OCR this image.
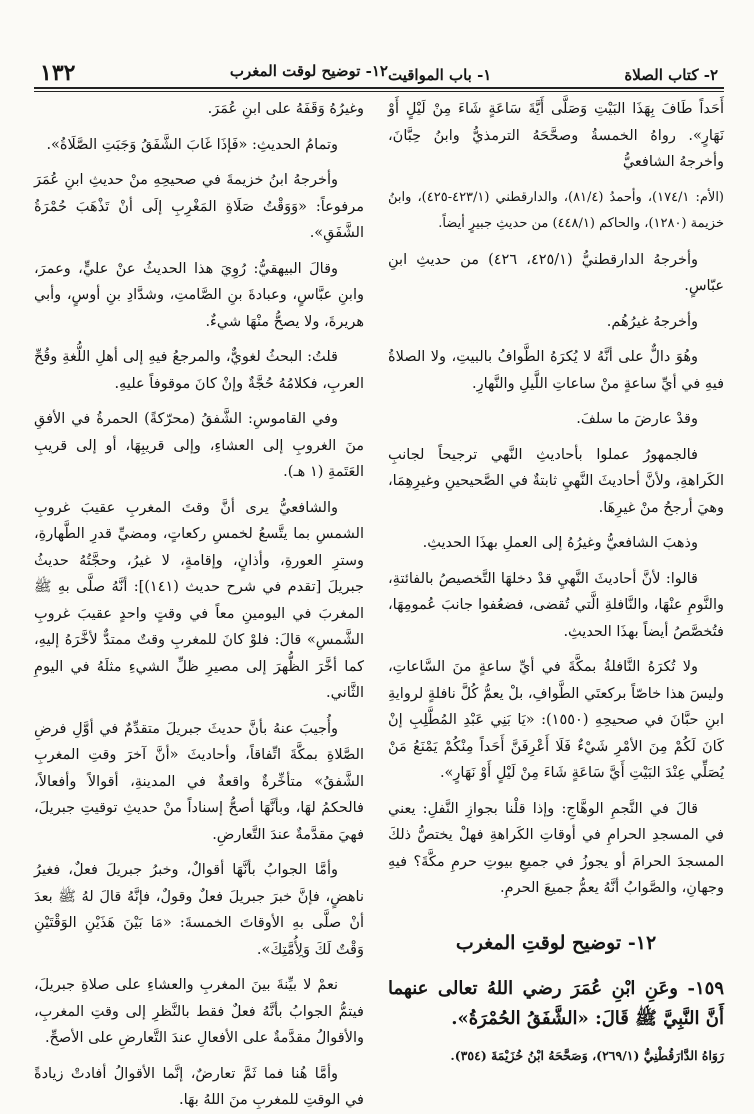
٢- كتاب الصلاة
١- باب المواقيت
١٢- توضيح لوقت المغرب
١٣٢

أَحَداً طَافَ بِهَذَا البَيْتِ وَصَلَّى أَيَّةَ سَاعَةٍ شَاءَ مِنْ لَيْلٍ أَوْ نَهَارٍ». رواهُ الخمسةُ وصحَّحَهُ الترمذيُّ وابنُ حِبَّانَ، وأخرجهُ الشافعيُّ

(الأم: ١٧٤/١)، وأحمدُ (٨١/٤)، والدارقطني (٤٢٣/١-٤٢٥)، وابنُ خزيمة (١٢٨٠)، والحاكم (٤٤٨/١) من حديثِ جبيرٍ أيضاً.

وأخرجهُ الدارقطنيُّ (٤٢٥/١، ٤٢٦) من حديثِ ابنِ عبّاسٍ.

وأخرجهُ غيرُهُم.

وهُوَ دالٌّ على أنَّهُ لا يُكرَهُ الطَّوافُ بالبيتِ، ولا الصلاةُ فيهِ في أيِّ ساعةٍ منْ ساعاتِ اللَّيلِ والنَّهارِ.

وقدْ عارضَ ما سلفَ.

فالجمهورُ عملوا بأحاديثِ النَّهي ترجيحاً لجانبِ الكَراهةِ، ولأنَّ أحاديثَ النَّهيِ ثابتةٌ في الصَّحيحينِ وغيرِهِمَا، وهيَ أرجحُ منْ غيرِهَا.

وذهبَ الشافعيُّ وغيرُهُ إلى العملِ بهذَا الحديثِ.

قالوا: لأنَّ أحاديثَ النَّهيِ قدْ دخلهَا التَّخصيصُ بالفائتةِ، والنَّومِ عنْهَا، والنَّافلةِ الَّتي تُقضى، فضعُفوا جانبَ عُمومِهَا، فتُخصَّصُ أيضاً بهذَا الحديثِ.

ولا تُكرَهُ النَّافلةُ بمكَّةَ في أيِّ ساعةٍ منَ السَّاعاتِ، وليسَ هذا خاصّاً بركعتَي الطَّوافِ، بلْ يعمُّ كُلَّ نافلةٍ لروايةِ ابنِ حبَّانَ في صحيحِهِ (١٥٥٠): «يَا بَنِي عَبْدِ المُطَّلِبِ إنْ كَانَ لَكُمْ مِنَ الأمْرِ شَيْءٌ فَلَا أَعْرِفَنَّ أَحَداً مِنْكُمْ يَمْنَعُ مَنْ يُصَلِّي عِنْدَ البَيْتِ أَيَّ سَاعَةٍ شَاءَ مِنْ لَيْلٍ أَوْ نَهَارٍ».

قالَ في النَّجمِ الوهَّاجِ: وإذا قلْنا بجوازِ النَّفلِ: يعني في المسجدِ الحرامِ في أوقاتِ الكَراهةِ فهلْ يختصُّ ذلكَ المسجدَ الحرامَ أو يجوزُ في جميعِ بيوتِ حرمِ مكَّةَ؟ فيهِ وجهانِ، والصَّوابُ أنَّهُ يعمُّ جميعَ الحرمِ.

١٢- توضيح لوقتِ المغرب

١٥٩- وعَنِ ابْنِ عُمَرَ رضي اللهُ تعالى عنهما أَنَّ النَّبِيَّ ﷺ قَالَ: «الشَّفَقُ الحُمْرَةُ».

رَوَاهُ الدَّارَقُطْنِيُّ (٢٦٩/١)، وَصَحَّحَهُ ابْنُ خُزَيْمَةَ (٣٥٤).

وغيرُهُ وَقَفَهُ على ابنِ عُمَرَ.

وتمامُ الحديثِ: «فَإذَا غَابَ الشَّفَقُ وَجَبَتِ الصَّلَاةُ».

وأخرجهُ ابنُ خزيمةَ في صحيحِهِ منْ حديثِ ابنِ عُمَرَ مرفوعاً: «وَوَقْتُ صَلَاةِ المَغْرِبِ إلَى أنْ تَذْهَبَ حُمْرَةُ الشَّفَقِ».

وقالَ البيهقيُّ: رُوِيَ هذا الحديثُ عنْ عليٍّ، وعمرَ، وابنِ عبَّاسٍ، وعبادةَ بنِ الصَّامتِ، وشدَّادِ بنِ أوسٍ، وأبي هريرةَ، ولا يصحُّ منْهَا شيءٌ.

قلتُ: البحثُ لغويٌّ، والمرجعُ فيهِ إلى أهلِ اللُّغةِ وقُحِّ العربِ، فكلامُهُ حُجَّةٌ وإنْ كانَ موقوفاً عليهِ.

وفي القاموسِ: الشَّفقُ (محرّكةً) الحمرةُ في الأفقِ منَ الغروبِ إلى العشاءِ، وإلى قريبِهَا، أو إلى قريبِ العَتَمةِ (١ هـ).

والشافعيُّ يرى أنَّ وقتَ المغربِ عقيبَ غروبِ الشمسِ بما يتَّسعُ لخمسِ ركعاتٍ، ومضيِّ قدرِ الطَّهارةِ، وسترِ العورةِ، وأذانٍ، وإقامةٍ، لا غيرُ، وحجَّتُهُ حديثُ جبريلَ [تقدم في شرح حديث (١٤١)]: أنَّهُ صلَّى بهِ ﷺ المغربَ في اليومينِ معاً في وقتٍ واحدٍ عقيبَ غروبِ الشَّمسِ» قالَ: فلوْ كانَ للمغربِ وقتٌ ممتدٌّ لأخَّرَهُ إليهِ، كما أخَّرَ الظُّهرَ إلى مصيرِ ظلِّ الشيءِ مثلَهُ في اليومِ الثَّاني.

وأُجيبَ عنهُ بأنَّ حديثَ جبريلَ متقدِّمٌ في أوَّلِ فرضِ الصَّلاةِ بمكَّةَ اتِّفاقاً، وأحاديثَ «أنَّ آخرَ وقتِ المغربِ الشَّفقُ» متأخِّرةٌ واقعةٌ في المدينةِ، أقوالاً وأفعالاً، فالحكمُ لهَا، وبأنَّهَا أصحُّ إسناداً منْ حديثِ توقيتِ جبريلَ، فهيَ مقدَّمةٌ عندَ التَّعارضِ.

وأمَّا الجوابُ بأنَّهَا أقوالٌ، وخبرُ جبريلَ فعلٌ، فغيرُ ناهضٍ، فإنَّ خبرَ جبريلَ فعلٌ وقولٌ، فإنَّهُ قالَ لهُ ﷺ بعدَ أنْ صلَّى بهِ الأوقاتَ الخمسةَ: «مَا بَيْنَ هَذَيْنِ الوَقْتَيْنِ وَقْتٌ لَكَ وَلِأُمَّتِكَ».

نعمْ لا بيِّنةَ بينَ المغربِ والعشاءِ على صلاةِ جبريلَ، فيتمُّ الجوابُ بأنَّهُ فعلٌ فقط بالنَّظرِ إلى وقتِ المغربِ، والأقوالُ مقدَّمةٌ على الأفعالِ عندَ التَّعارضِ على الأصحِّ.

وأمَّا هُنا فما ثَمَّ تعارضٌ، إنَّما الأقوالُ أفادتْ زيادةً في الوقتِ للمغربِ منَ اللهُ بهَا.
